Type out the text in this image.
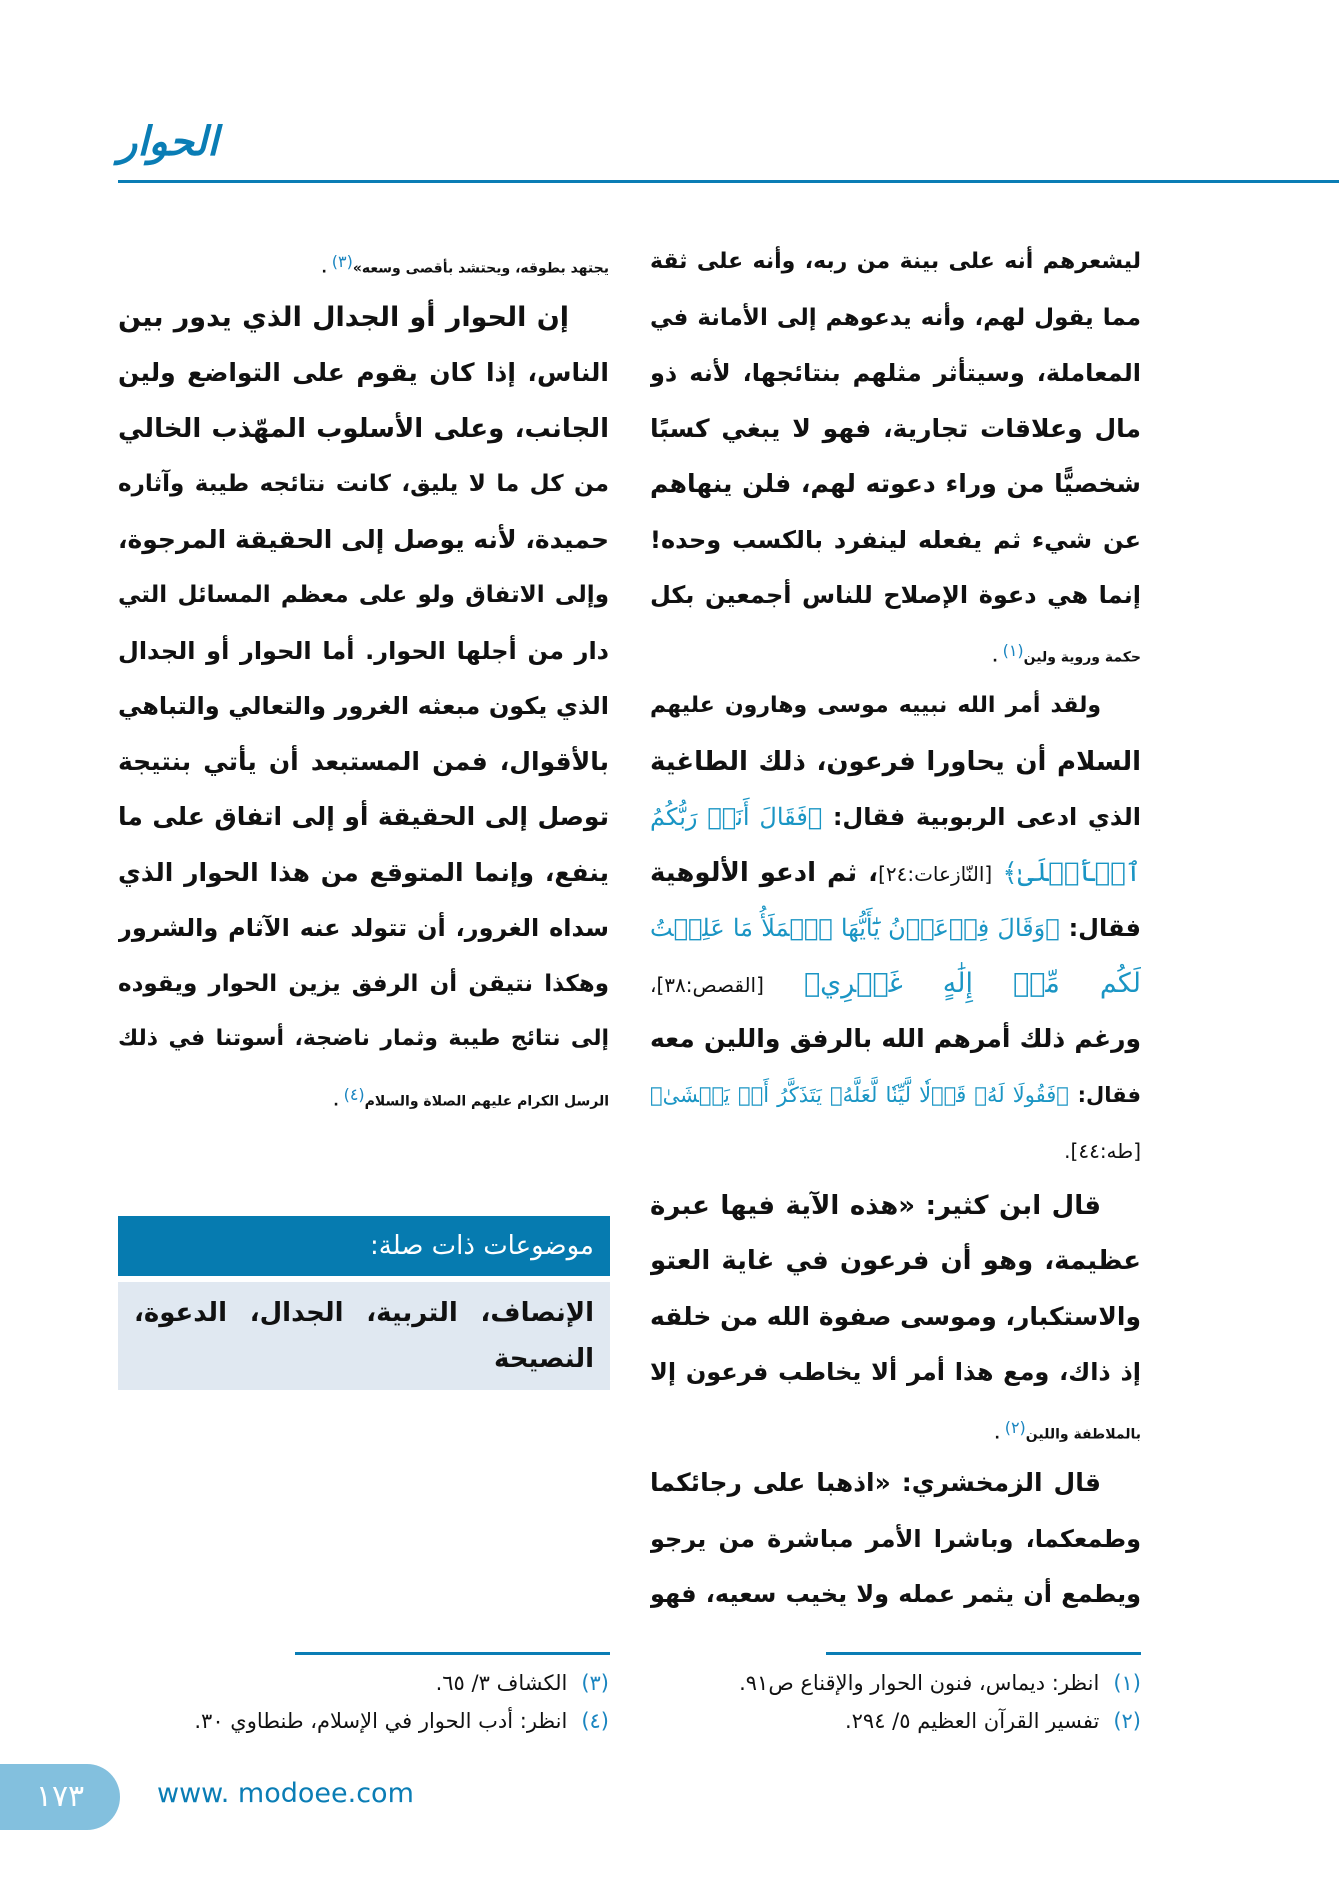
الحوار
ليشعرهم أنه على بينة من ربه، وأنه على ثقة
مما يقول لهم، وأنه يدعوهم إلى الأمانة في
المعاملة، وسيتأثر مثلهم بنتائجها، لأنه ذو
مال وعلاقات تجارية، فهو لا يبغي كسبًا
شخصيًّا من وراء دعوته لهم، فلن ينهاهم
عن شيء ثم يفعله لينفرد بالكسب وحده!
إنما هي دعوة الإصلاح للناس أجمعين بكل
حكمة وروية ولين(١) .
ولقد أمر الله نبييه موسى وهارون عليهم
السلام أن يحاورا فرعون، ذلك الطاغية
الذي ادعى الربوبية فقال: ﴿فَقَالَ أَنَا۠ رَبُّكُمُ
ٱلۡأَعۡلَىٰ﴾ [النّازعات:٢٤]، ثم ادعو الألوهية
فقال: ﴿وَقَالَ فِرۡعَوۡنُ يَٰٓأَيُّهَا ٱلۡمَلَأُ مَا عَلِمۡتُ
لَكُم مِّنۡ إِلَٰهٍ غَيۡرِي﴾ [القصص:٣٨]،
ورغم ذلك أمرهم الله بالرفق واللين معه
فقال: ﴿فَقُولَا لَهُۥ قَوۡلٗا لَّيِّنٗا لَّعَلَّهُۥ يَتَذَكَّرُ أَوۡ يَخۡشَىٰ﴾
[طه:٤٤].
قال ابن كثير: «هذه الآية فيها عبرة
عظيمة، وهو أن فرعون في غاية العتو
والاستكبار، وموسى صفوة الله من خلقه
إذ ذاك، ومع هذا أمر ألا يخاطب فرعون إلا
بالملاطفة واللين(٢) .
قال الزمخشري: «اذهبا على رجائكما
وطمعكما، وباشرا الأمر مباشرة من يرجو
ويطمع أن يثمر عمله ولا يخيب سعيه، فهو
يجتهد بطوقه، ويحتشد بأقصى وسعه»(٣) .
إن الحوار أو الجدال الذي يدور بين
الناس، إذا كان يقوم على التواضع ولين
الجانب، وعلى الأسلوب المهّذب الخالي
من كل ما لا يليق، كانت نتائجه طيبة وآثاره
حميدة، لأنه يوصل إلى الحقيقة المرجوة،
وإلى الاتفاق ولو على معظم المسائل التي
دار من أجلها الحوار. أما الحوار أو الجدال
الذي يكون مبعثه الغرور والتعالي والتباهي
بالأقوال، فمن المستبعد أن يأتي بنتيجة
توصل إلى الحقيقة أو إلى اتفاق على ما
ينفع، وإنما المتوقع من هذا الحوار الذي
سداه الغرور، أن تتولد عنه الآثام والشرور
وهكذا نتيقن أن الرفق يزين الحوار ويقوده
إلى نتائج طيبة وثمار ناضجة، أسوتنا في ذلك
الرسل الكرام عليهم الصلاة والسلام(٤) .
موضوعات ذات صلة:
الإنصاف، التربية، الجدال، الدعوة، النصيحة
(١)انظر: ديماس، فنون الحوار والإقناع ص٩١.
(٢)تفسير القرآن العظيم ٥/ ٢٩٤.
(٣)الكشاف ٣/ ٦٥.
(٤)انظر: أدب الحوار في الإسلام، طنطاوي ٣٠.
١٧٣	www. modoee.com
